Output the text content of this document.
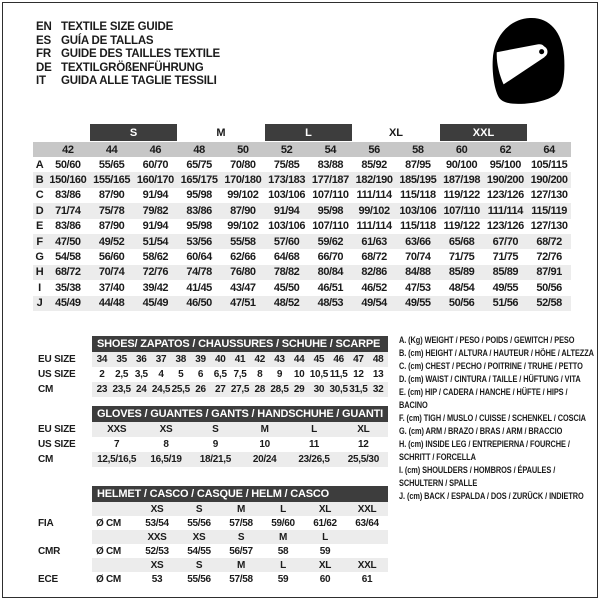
EN TEXTILE SIZE GUIDE
ES GUÍA DE TALLAS
FR GUIDE DES TAILLES TEXTILE
DE TEXTILGRÖßENFÜHRUNG
IT	GUIDA ALLE TAGLIE TESSILI
S	M	L	XL	XXL
42	44	46	48	50	52	54	56	58	60	62	64
A	50/60	55/65	60/70	65/75	70/80	75/85	83/88	85/92	87/95	90/100	95/100 105/115
B 150/160 155/165 160/170 165/175 170/180 173/183 177/187 182/190 185/195 187/198 190/200 190/200
C	83/86	87/90	91/94	95/98	99/102 103/106 107/110 111/114 115/118 119/122 123/126 127/130
D	71/74	75/78	79/82	83/86	87/90	91/94	95/98	99/102 103/106 107/110 111/114 115/119
E	83/86	87/90	91/94	95/98	99/102 103/106 107/110 111/114 115/118 119/122 123/126 127/130
F	47/50	49/52	51/54	53/56	55/58	57/60	59/62	61/63	63/66	65/68	67/70	68/72
G	54/58	56/60	58/62	60/64	62/66	64/68	66/70	68/72	70/74	71/75	71/75	72/76
H	68/72	70/74	72/76	74/78	76/80	78/82	80/84	82/86	84/88	85/89	85/89	87/91
I	35/38	37/40	39/42	41/45	43/47	45/50	46/51	46/52	47/53	48/54	49/55	50/56
J	45/49	44/48	45/49	46/50	47/51	48/52	48/53	49/54	49/55	50/56	51/56	52/58
SHOES/ ZAPATOS / CHAUSSURES / SCHUHE / SCARPE
EU SIZE	34 35 36 37 38 39 40 41 42 43 44 45 46 47 48
US SIZE	2	2,5 3,5	4	5	6	6,5 7,5	8	9	10 10,5 11,5 12 13
CM	23 23,5 24 24,5 25,5 26 27 27,5 28 28,5 29 30 30,5 31,5 32
GLOVES / GUANTES / GANTS / HANDSCHUHE / GUANTI
EU SIZE	XXS	XS	S	M	L	XL
US SIZE	7	8	9	10	11	12
CM	12,5/16,5	16,5/19	18/21,5	20/24	23/26,5	25,5/30
HELMET / CASCO / CASQUE / HELM / CASCO
XS	S	M	L	XL	XXL
FIA	Ø CM	53/54	55/56	57/58	59/60	61/62	63/64
XXS	XS	S	M	L
CMR	Ø CM	52/53	54/55	56/57	58	59
XS	S	M	L	XL	XXL
ECE	Ø CM	53	55/56	57/58	59	60	61
A. (Kg) WEIGHT / PESO / POIDS / GEWITCH / PESO
B. (cm) HEIGHT / ALTURA / HAUTEUR / HÖHE / ALTEZZA
C. (cm) CHEST / PECHO / POITRINE / TRUHE / PETTO
D. (cm) WAIST / CINTURA / TAILLE / HÜFTUNG / VITA
E. (cm) HIP / CADERA / HANCHE / HÜFTE / HIPS / BACINO
F. (cm) TIGH / MUSLO / CUISSE / SCHENKEL / COSCIA
G. (cm) ARM / BRAZO / BRAS / ARM / BRACCIO
H. (cm) INSIDE LEG / ENTREPIERNA / FOURCHE / SCHRITT / FORCELLA
I. (cm) SHOULDERS / HOMBROS / ÉPAULES / SCHULTERN / SPALLE
J. (cm) BACK / ESPALDA / DOS / ZURÜCK / INDIETRO
